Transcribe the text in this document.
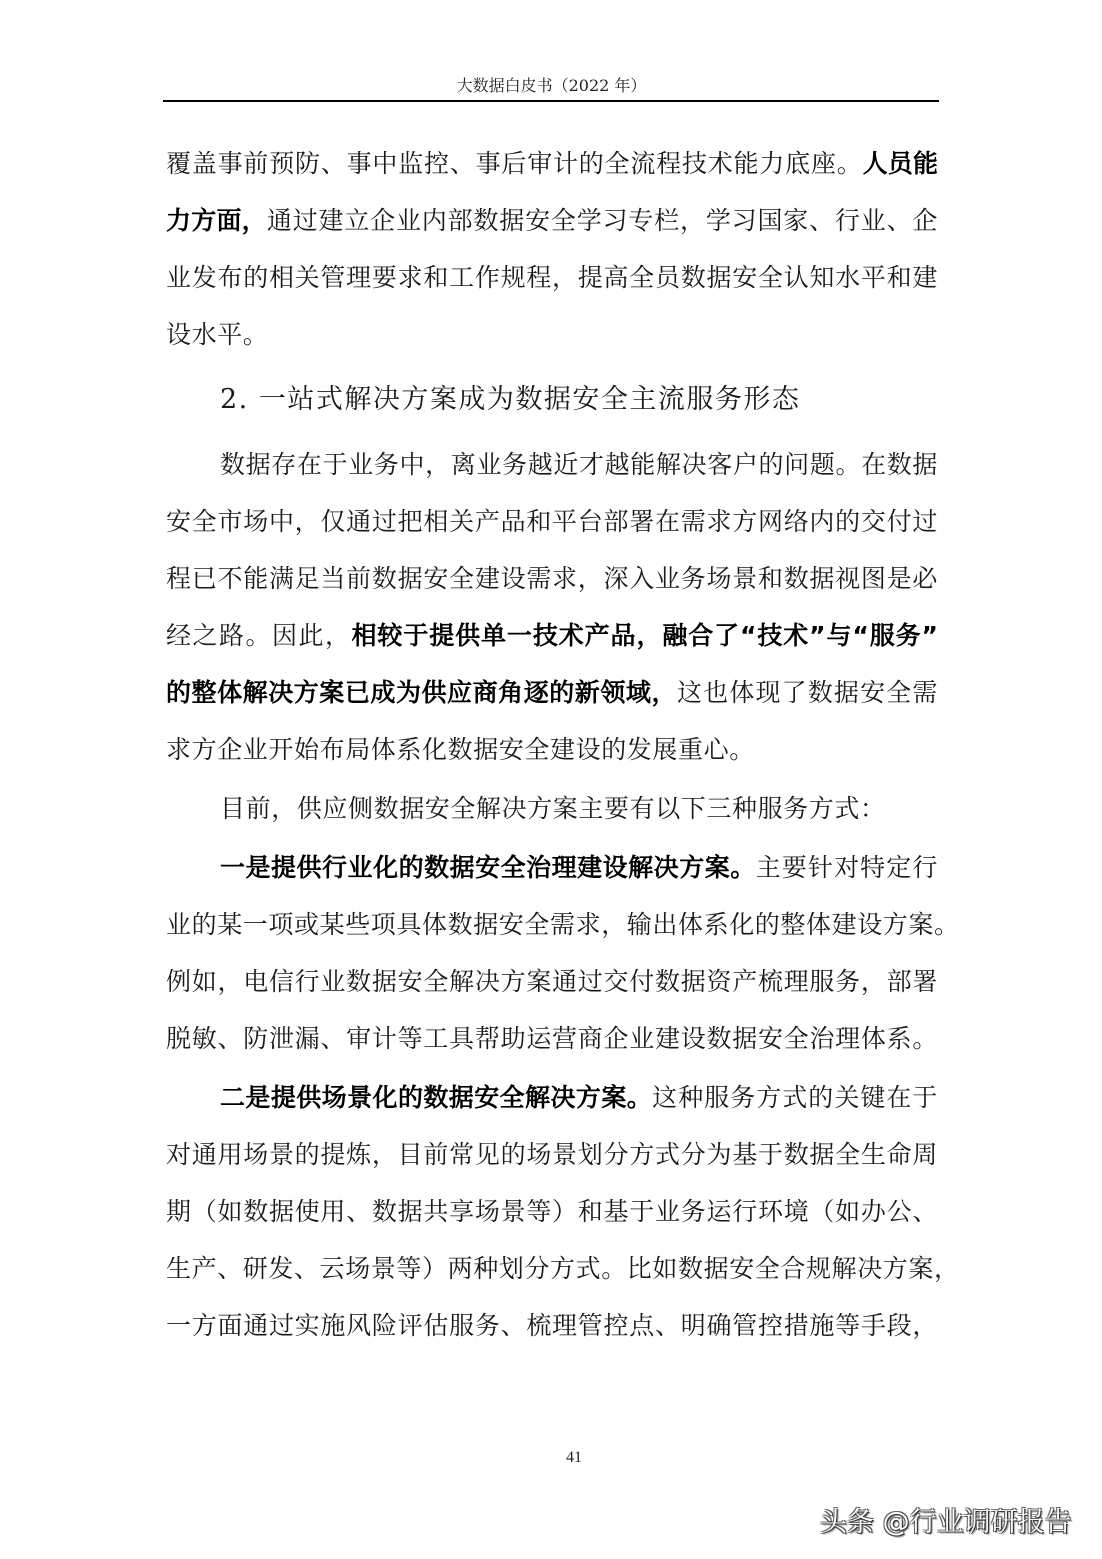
大数据白皮书（2022 年）
覆盖事前预防、事中监控、事后审计的全流程技术能力底座。人员能
力方面，通过建立企业内部数据安全学习专栏，学习国家、行业、企
业发布的相关管理要求和工作规程，提高全员数据安全认知水平和建
设水平。
2. 一站式解决方案成为数据安全主流服务形态
数据存在于业务中，离业务越近才越能解决客户的问题。在数据
安全市场中，仅通过把相关产品和平台部署在需求方网络内的交付过
程已不能满足当前数据安全建设需求，深入业务场景和数据视图是必
经之路。因此，相较于提供单一技术产品，融合了“技术”与“服务”
的整体解决方案已成为供应商角逐的新领域，这也体现了数据安全需
求方企业开始布局体系化数据安全建设的发展重心。
目前，供应侧数据安全解决方案主要有以下三种服务方式：
一是提供行业化的数据安全治理建设解决方案。主要针对特定行
业的某一项或某些项具体数据安全需求，输出体系化的整体建设方案。
例如，电信行业数据安全解决方案通过交付数据资产梳理服务，部署
脱敏、防泄漏、审计等工具帮助运营商企业建设数据安全治理体系。
二是提供场景化的数据安全解决方案。这种服务方式的关键在于
对通用场景的提炼，目前常见的场景划分方式分为基于数据全生命周
期（如数据使用、数据共享场景等）和基于业务运行环境（如办公、
生产、研发、云场景等）两种划分方式。比如数据安全合规解决方案，
一方面通过实施风险评估服务、梳理管控点、明确管控措施等手段，
41
头条 @行业调研报告
